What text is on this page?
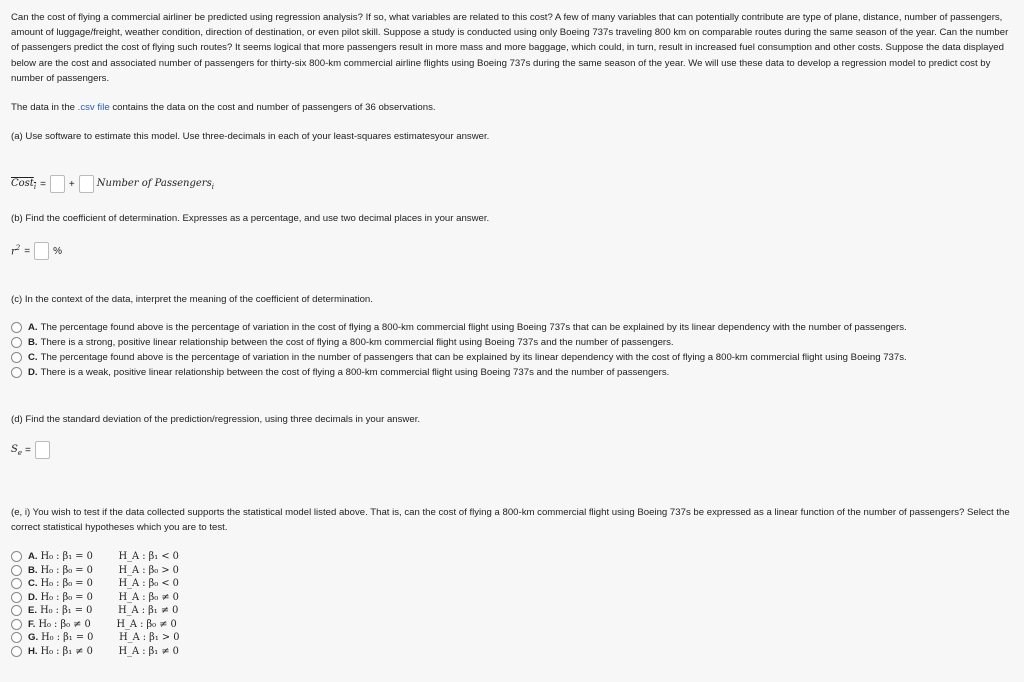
Can the cost of flying a commercial airliner be predicted using regression analysis? If so, what variables are related to this cost? A few of many variables that can potentially contribute are type of plane, distance, number of passengers, amount of luggage/freight, weather condition, direction of destination, or even pilot skill. Suppose a study is conducted using only Boeing 737s traveling 800 km on comparable routes during the same season of the year. Can the number of passengers predict the cost of flying such routes? It seems logical that more passengers result in more mass and more baggage, which could, in turn, result in increased fuel consumption and other costs. Suppose the data displayed below are the cost and associated number of passengers for thirty-six 800-km commercial airline flights using Boeing 737s during the same season of the year. We will use these data to develop a regression model to predict cost by number of passengers.

The data in the .csv file contains the data on the cost and number of passengers of 36 observations.

(a) Use software to estimate this model. Use three-decimals in each of your least-squares estimatesyour answer.

Cost$_i$ = + Number of Passengers$_i$

(b) Find the coefficient of determination. Expresses as a percentage, and use two decimal places in your answer.

$r^2$ = %

(c) In the context of the data, interpret the meaning of the coefficient of determination.

A. The percentage found above is the percentage of variation in the cost of flying a 800-km commercial flight using Boeing 737s that can be explained by its linear dependency with the number of passengers.
B. There is a strong, positive linear relationship between the cost of flying a 800-km commercial flight using Boeing 737s and the number of passengers.
C. The percentage found above is the percentage of variation in the number of passengers that can be explained by its linear dependency with the cost of flying a 800-km commercial flight using Boeing 737s.
D. There is a weak, positive linear relationship between the cost of flying a 800-km commercial flight using Boeing 737s and the number of passengers.

(d) Find the standard deviation of the prediction/regression, using three decimals in your answer.

$S_e$ =

(e, i) You wish to test if the data collected supports the statistical model listed above. That is, can the cost of flying a 800-km commercial flight using Boeing 737s be expressed as a linear function of the number of passengers? Select the correct statistical hypotheses which you are to test.

A. H₀ : β₁ = 0	H_A : β₁ < 0
B. H₀ : β₀ = 0	H_A : β₀ > 0
C. H₀ : β₀ = 0	H_A : β₀ < 0
D. H₀ : β₀ = 0	H_A : β₀ ≠ 0
E. H₀ : β₁ = 0	H_A : β₁ ≠ 0
F. H₀ : β₀ ≠ 0	H_A : β₀ ≠ 0
G. H₀ : β₁ = 0	H_A : β₁ > 0
H. H₀ : β₁ ≠ 0	H_A : β₁ ≠ 0
